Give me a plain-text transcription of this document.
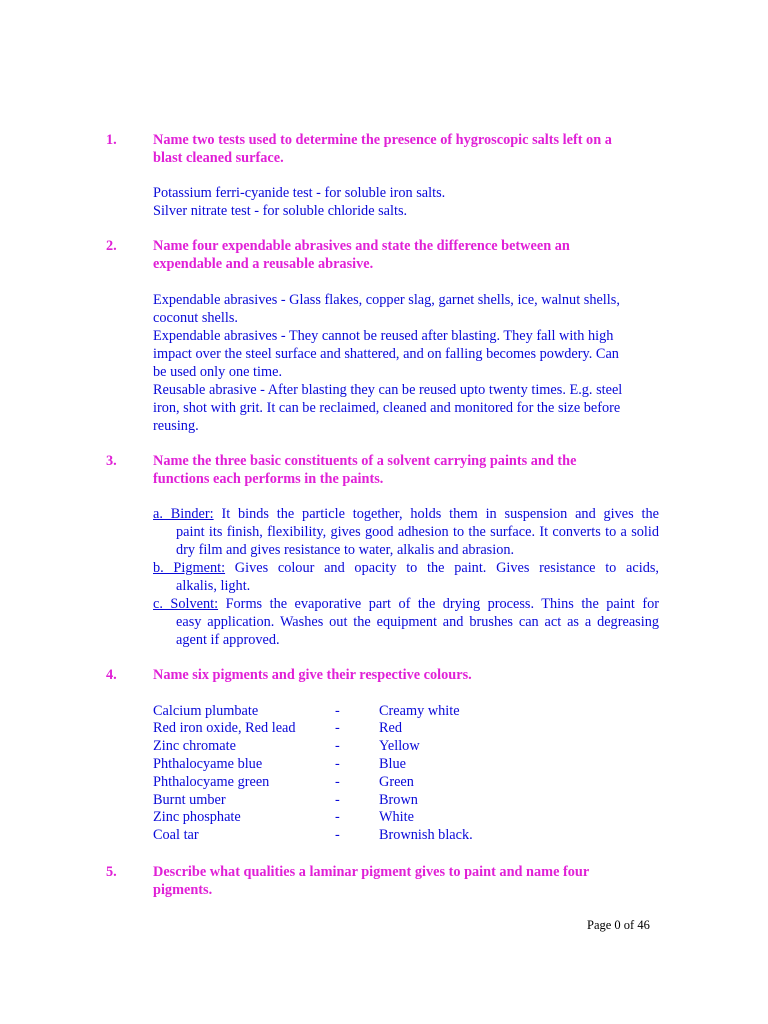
1.	Name two tests used to determine the presence of hygroscopic salts left on a
blast cleaned surface.
Potassium ferri-cyanide test - for soluble iron salts.
Silver nitrate test - for soluble chloride salts.
2.	Name four expendable abrasives and state the difference between an
expendable and a reusable abrasive.
Expendable abrasives - Glass flakes, copper slag, garnet shells, ice, walnut shells,
coconut shells.
Expendable abrasives - They cannot be reused after blasting. They fall with high
impact over the steel surface and shattered, and on falling becomes powdery. Can
be used only one time.
Reusable abrasive - After blasting they can be reused upto twenty times. E.g. steel
iron, shot with grit. It can be reclaimed, cleaned and monitored for the size before
reusing.
3.	Name the three basic constituents of a solvent carrying paints and the
functions each performs in the paints.
a. Binder: It binds the particle together, holds them in suspension and gives the
paint its finish, flexibility, gives good adhesion to the surface. It converts to a solid dry film and gives resistance to water, alkalis and abrasion.
b. Pigment: Gives colour and opacity to the paint. Gives resistance to acids,
alkalis, light.
c. Solvent: Forms the evaporative part of the drying process. Thins the paint for
easy application. Washes out the equipment and brushes can act as a degreasing agent if approved.
4.	Name six pigments and give their respective colours.
Calcium plumbate	-	Creamy white
Red iron oxide, Red lead	-	Red
Zinc chromate	-	Yellow
Phthalocyame blue	-	Blue
Phthalocyame green	-	Green
Burnt umber	-	Brown
Zinc phosphate	-	White
Coal tar	-	Brownish black.
5.	Describe what qualities a laminar pigment gives to paint and name four
pigments.
Page 0 of 46
